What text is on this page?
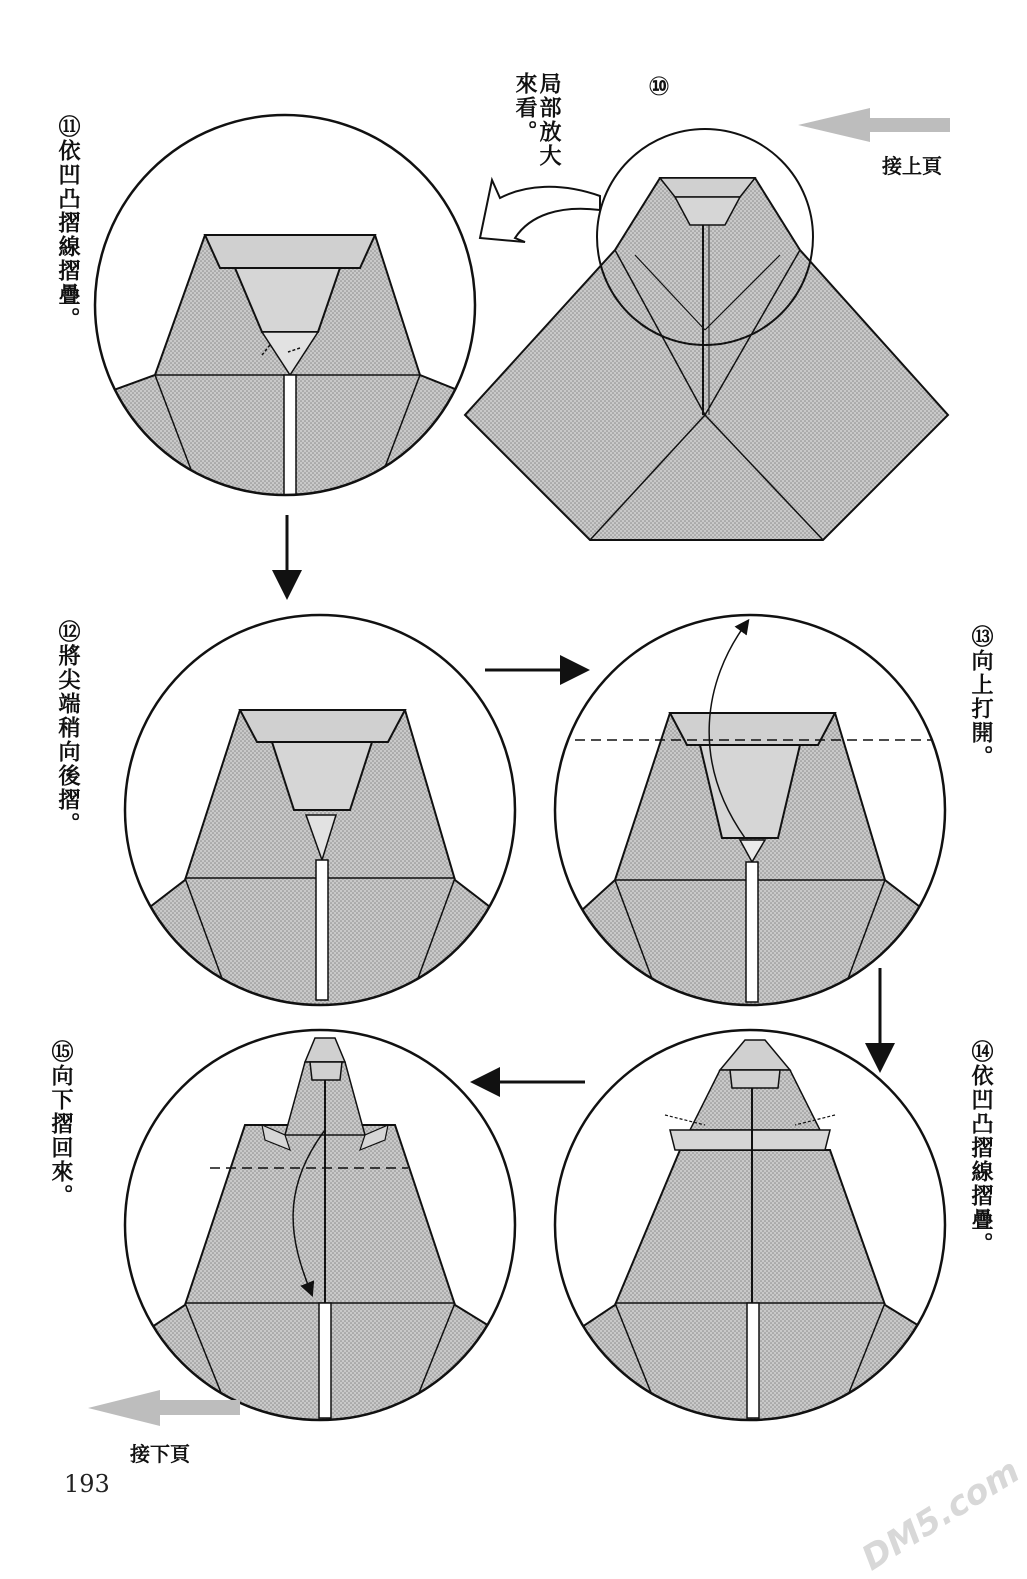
⑩
局部放大來看。
接上頁
⑪依凹凸摺線摺疊。
⑫將尖端稍向後摺。
⑬向上打開。
⑭依凹凸摺線摺疊。
⑮向下摺回來。
接下頁
193	DM5.com
